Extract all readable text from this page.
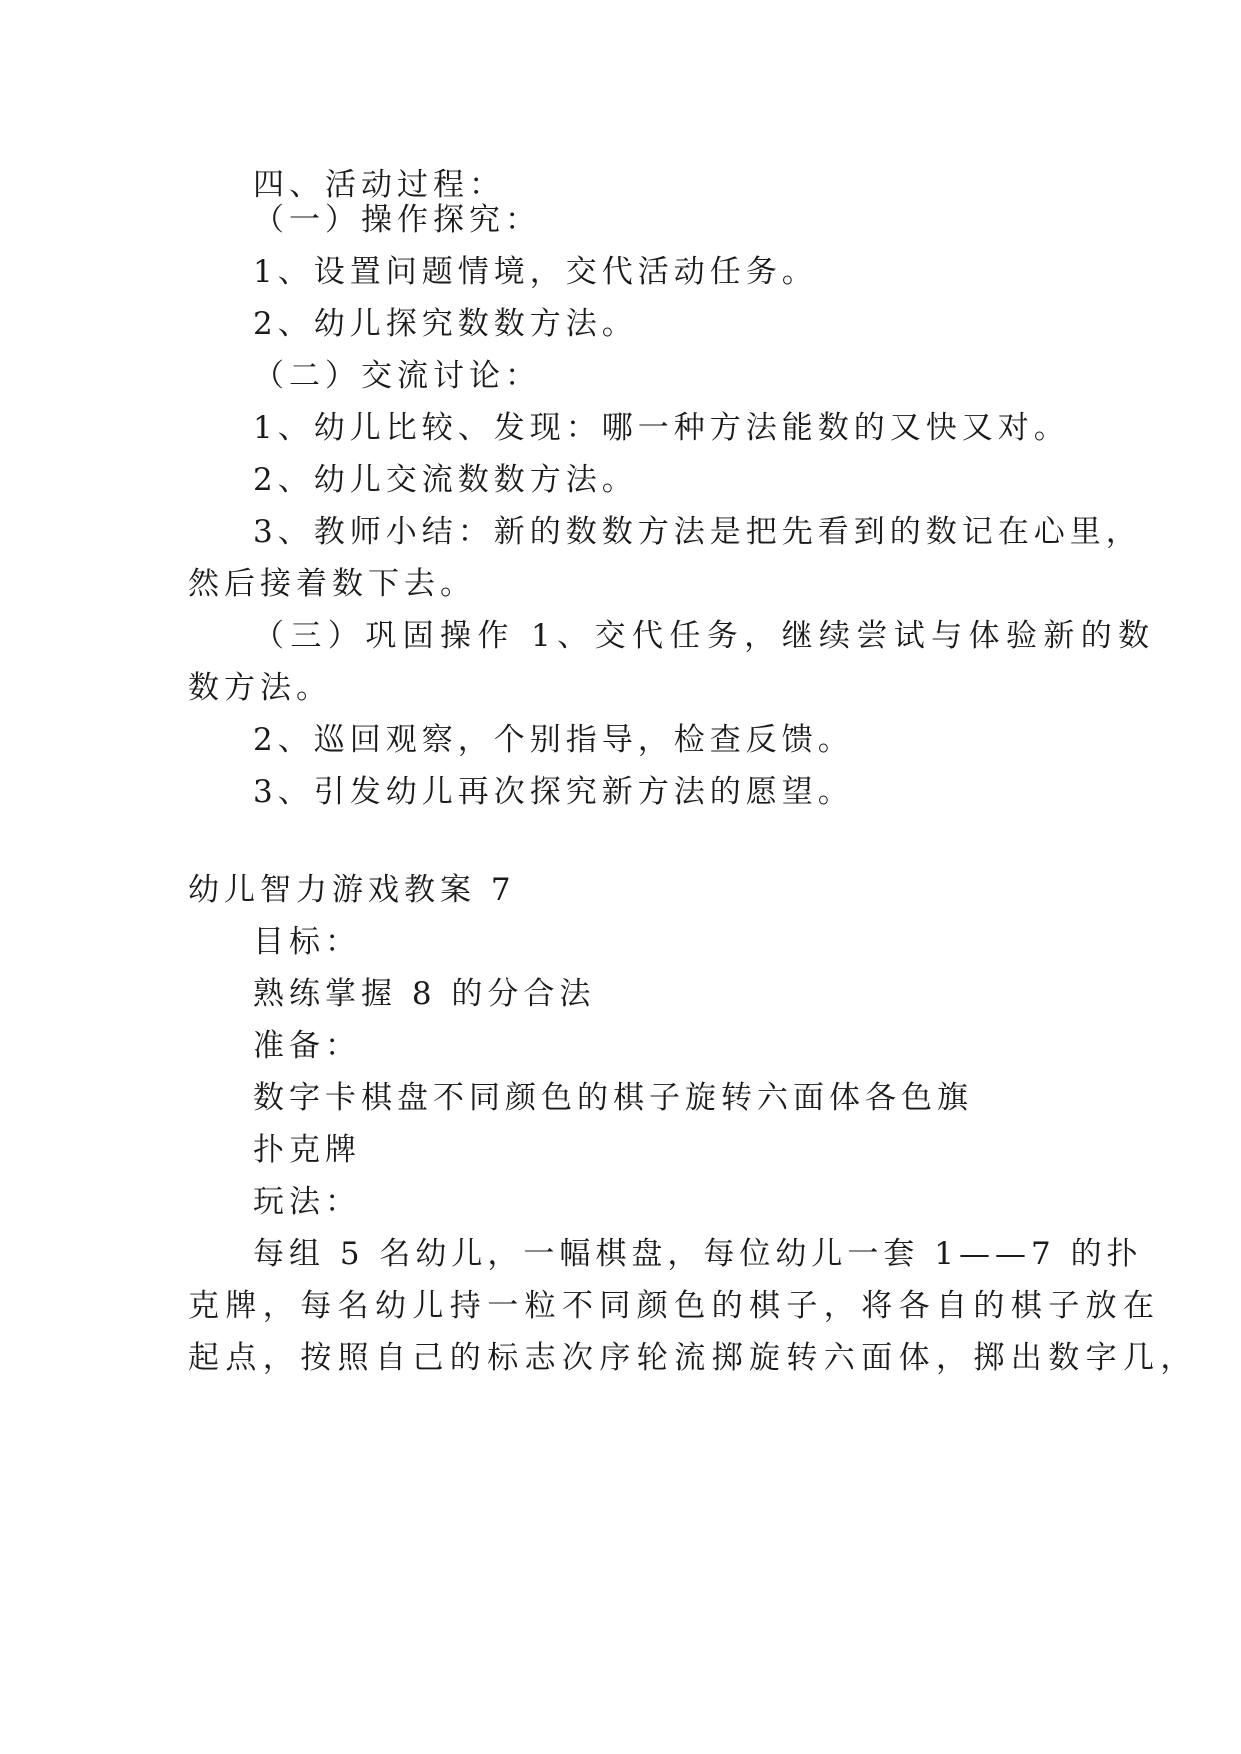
四、活动过程：
（一）操作探究：
1、设置问题情境，交代活动任务。
2、幼儿探究数数方法。
（二）交流讨论：
1、幼儿比较、发现：哪一种方法能数的又快又对。
2、幼儿交流数数方法。
3、教师小结：新的数数方法是把先看到的数记在心里，
然后接着数下去。
（三）巩固操作 1、交代任务，继续尝试与体验新的数
数方法。
2、巡回观察，个别指导，检查反馈。
3、引发幼儿再次探究新方法的愿望。
幼儿智力游戏教案 7
目标：
熟练掌握 8 的分合法
准备：
数字卡棋盘不同颜色的棋子旋转六面体各色旗
扑克牌
玩法：
每组 5 名幼儿，一幅棋盘，每位幼儿一套 1——7 的扑
克牌，每名幼儿持一粒不同颜色的棋子，将各自的棋子放在
起点，按照自己的标志次序轮流掷旋转六面体，掷出数字几，
